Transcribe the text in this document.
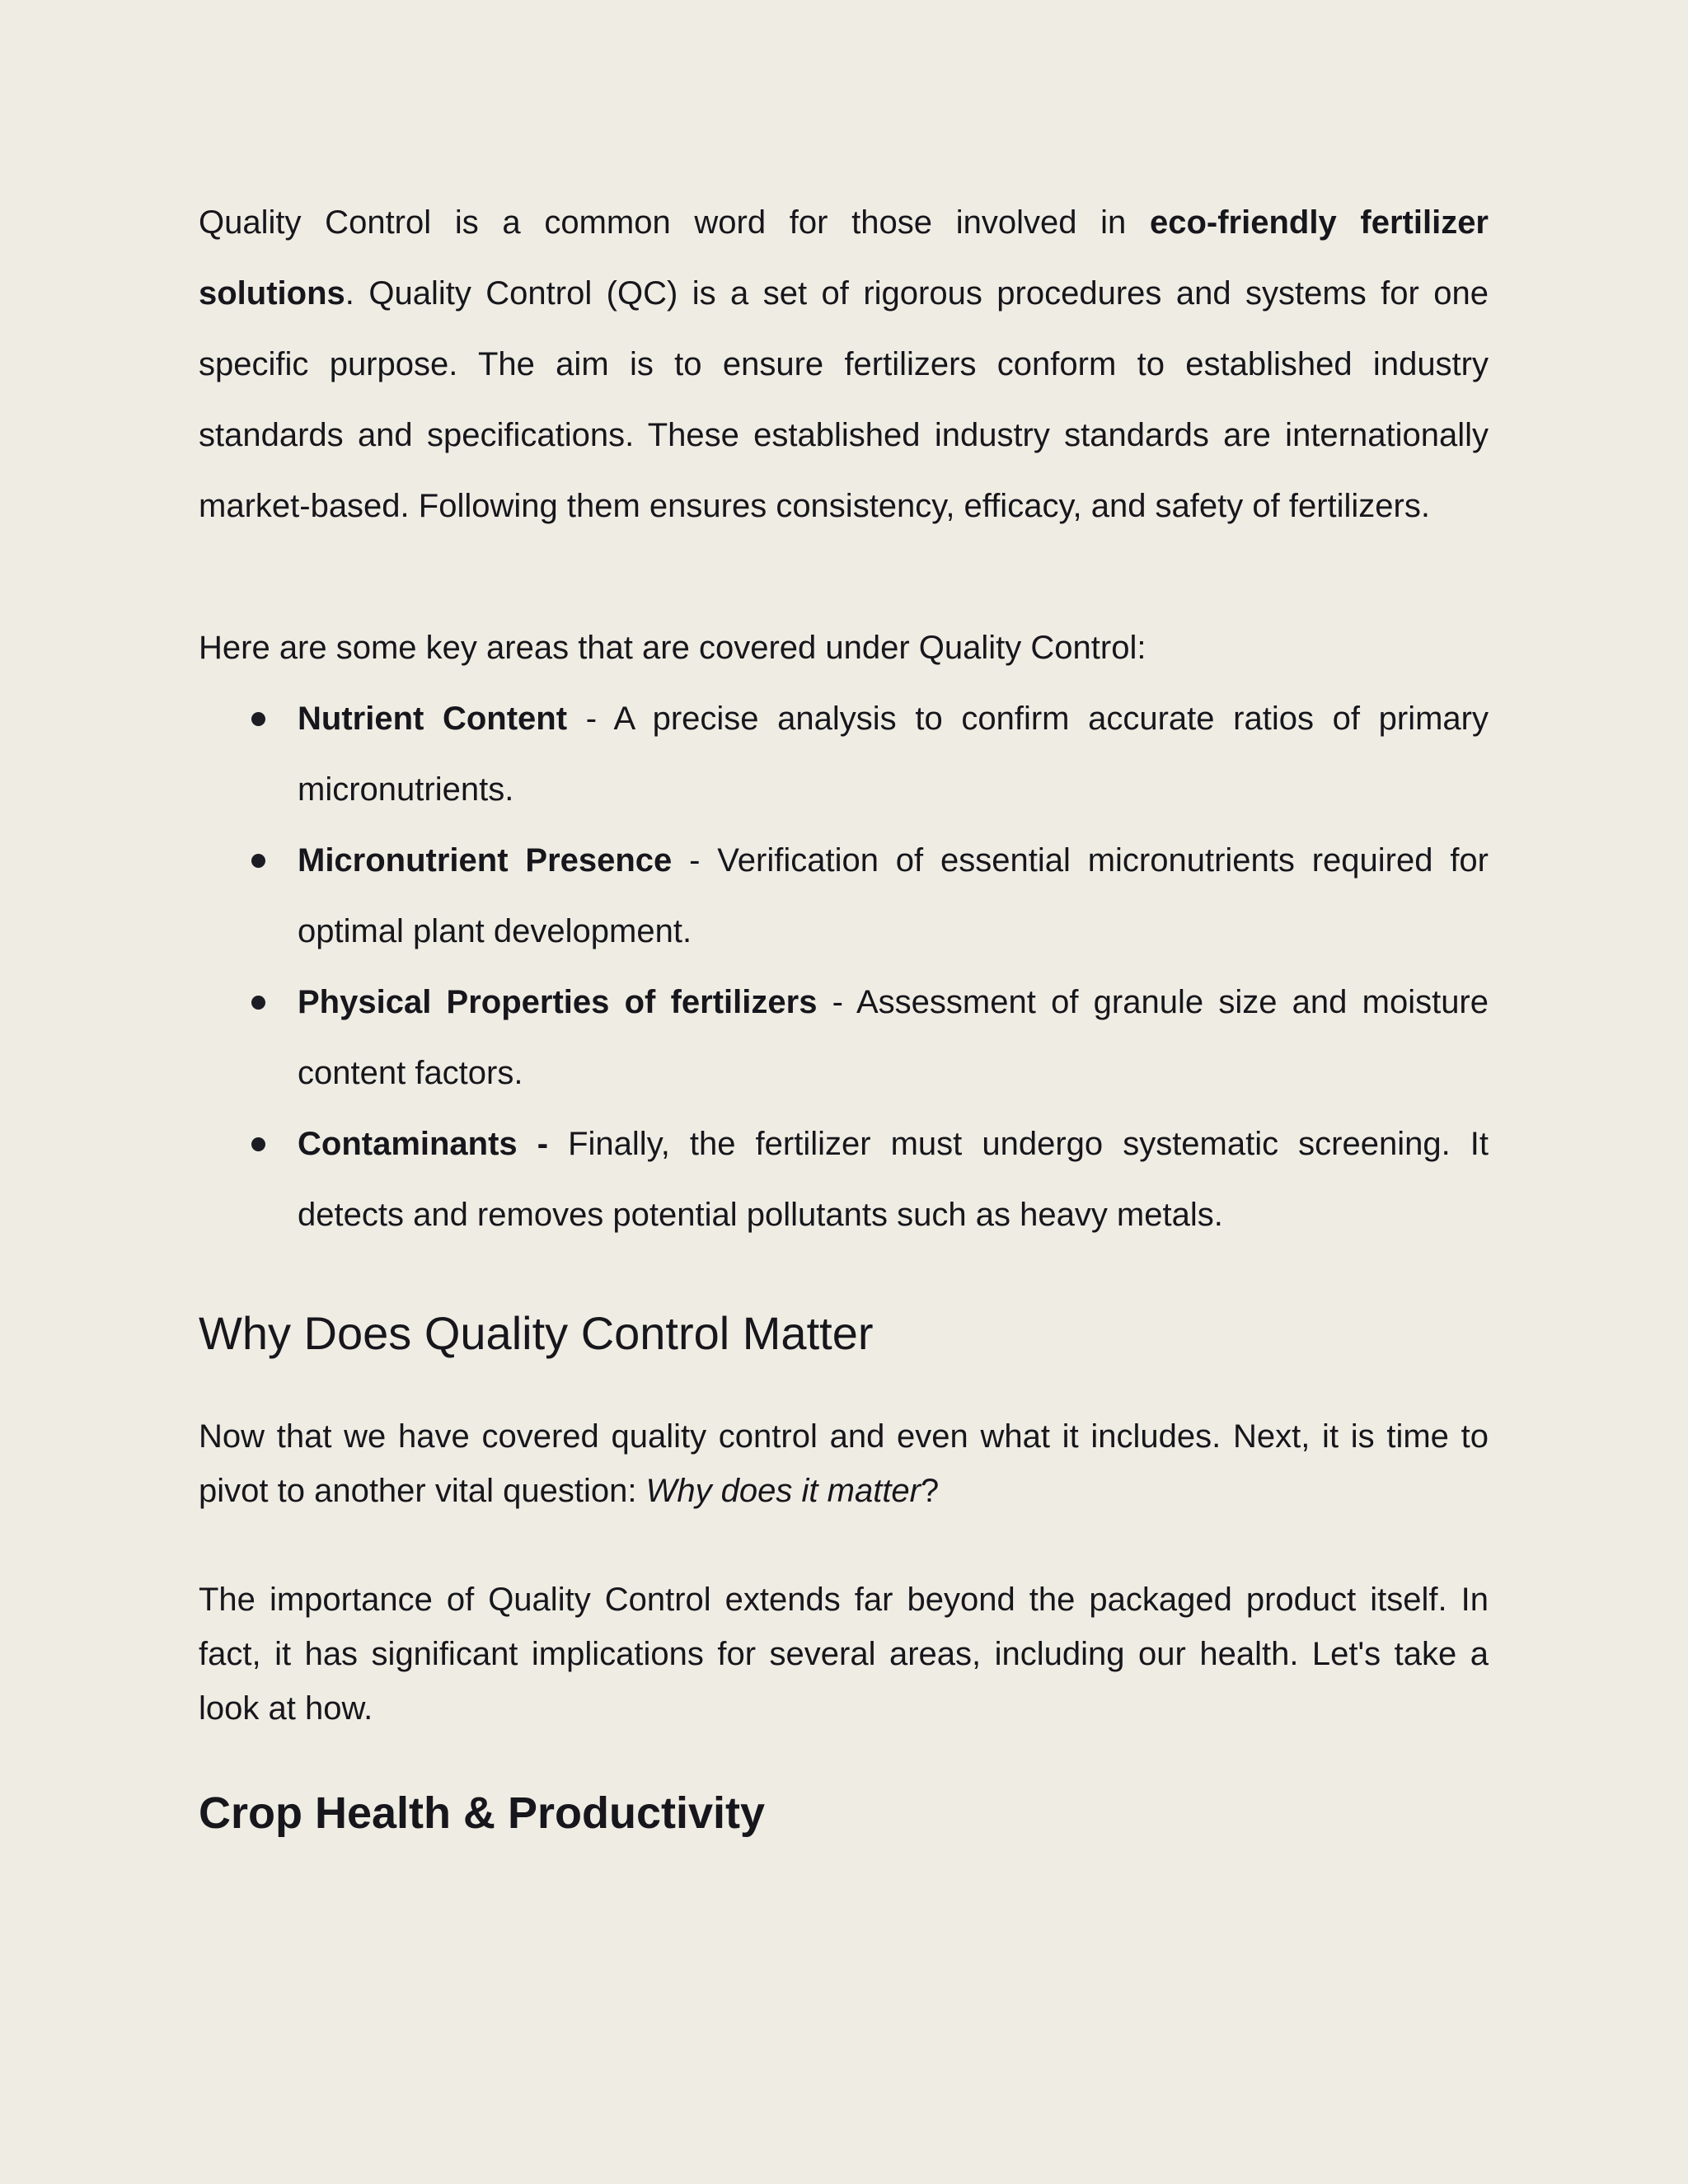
Quality Control is a common word for those involved in eco-friendly fertilizer solutions. Quality Control (QC) is a set of rigorous procedures and systems for one specific purpose. The aim is to ensure fertilizers conform to established industry standards and specifications. These established industry standards are internationally market-based. Following them ensures consistency, efficacy, and safety of fertilizers.

Here are some key areas that are covered under Quality Control:

Nutrient Content - A precise analysis to confirm accurate ratios of primary micronutrients.
Micronutrient Presence - Verification of essential micronutrients required for optimal plant development.
Physical Properties of fertilizers - Assessment of granule size and moisture content factors.
Contaminants - Finally, the fertilizer must undergo systematic screening. It detects and removes potential pollutants such as heavy metals.
Why Does Quality Control Matter

Now that we have covered quality control and even what it includes. Next, it is time to pivot to another vital question: Why does it matter?

The importance of Quality Control extends far beyond the packaged product itself. In fact, it has significant implications for several areas, including our health. Let's take a look at how.

Crop Health & Productivity
